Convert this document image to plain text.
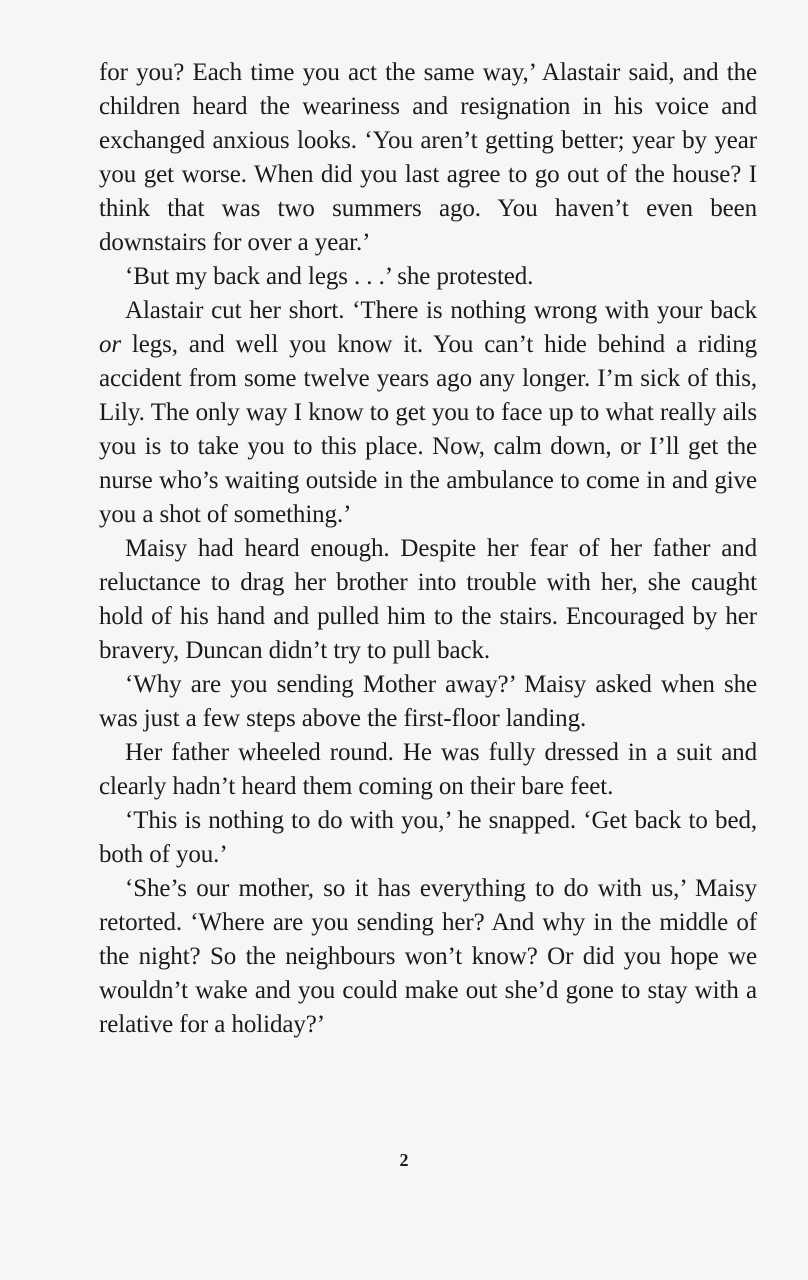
for you? Each time you act the same way,’ Alastair said, and the children heard the weariness and resignation in his voice and exchanged anxious looks. ‘You aren’t getting better; year by year you get worse. When did you last agree to go out of the house? I think that was two summers ago. You haven’t even been downstairs for over a year.’

‘But my back and legs . . .’ she protested.

Alastair cut her short. ‘There is nothing wrong with your back or legs, and well you know it. You can’t hide behind a riding accident from some twelve years ago any longer. I’m sick of this, Lily. The only way I know to get you to face up to what really ails you is to take you to this place. Now, calm down, or I’ll get the nurse who’s waiting outside in the ambulance to come in and give you a shot of something.’

Maisy had heard enough. Despite her fear of her father and reluctance to drag her brother into trouble with her, she caught hold of his hand and pulled him to the stairs. Encouraged by her bravery, Duncan didn’t try to pull back.

‘Why are you sending Mother away?’ Maisy asked when she was just a few steps above the first-floor landing.

Her father wheeled round. He was fully dressed in a suit and clearly hadn’t heard them coming on their bare feet.

‘This is nothing to do with you,’ he snapped. ‘Get back to bed, both of you.’

‘She’s our mother, so it has everything to do with us,’ Maisy retorted. ‘Where are you sending her? And why in the middle of the night? So the neighbours won’t know? Or did you hope we wouldn’t wake and you could make out she’d gone to stay with a relative for a holiday?’

2
